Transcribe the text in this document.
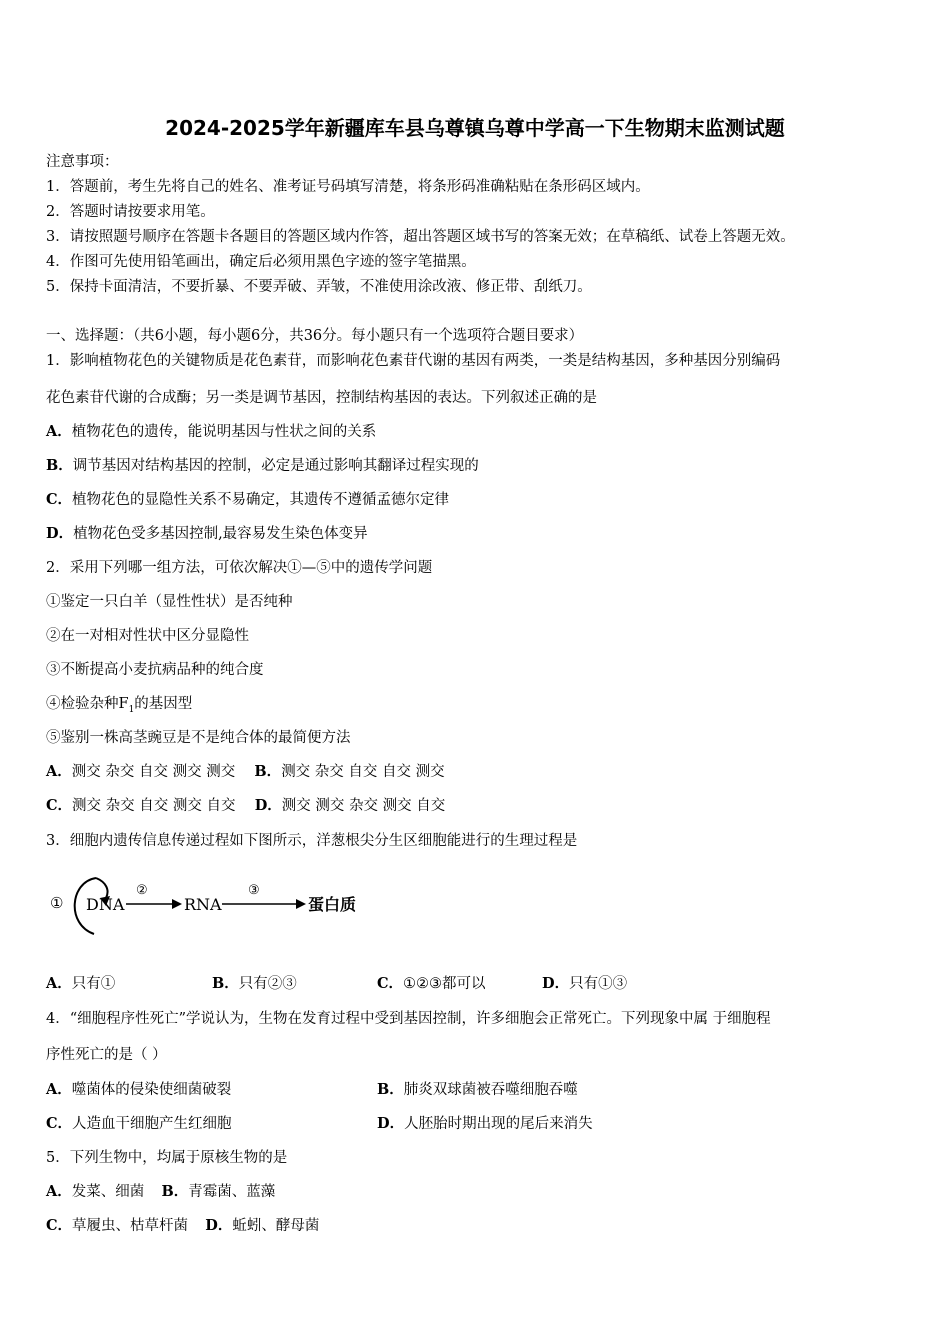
2024-2025学年新疆库车县乌尊镇乌尊中学高一下生物期末监测试题
注意事项：
1．答题前，考生先将自己的姓名、准考证号码填写清楚，将条形码准确粘贴在条形码区域内。
2．答题时请按要求用笔。
3．请按照题号顺序在答题卡各题目的答题区域内作答，超出答题区域书写的答案无效；在草稿纸、试卷上答题无效。
4．作图可先使用铅笔画出，确定后必须用黑色字迹的签字笔描黑。
5．保持卡面清洁，不要折暴、不要弄破、弄皱，不准使用涂改液、修正带、刮纸刀。
一、选择题：（共6小题，每小题6分，共36分。每小题只有一个选项符合题目要求）
1．影响植物花色的关键物质是花色素苷，而影响花色素苷代谢的基因有两类，一类是结构基因，多种基因分别编码
花色素苷代谢的合成酶；另一类是调节基因，控制结构基因的表达。下列叙述正确的是
A．植物花色的遗传，能说明基因与性状之间的关系
B．调节基因对结构基因的控制，必定是通过影响其翻译过程实现的
C．植物花色的显隐性关系不易确定，其遗传不遵循孟德尔定律
D．植物花色受多基因控制,最容易发生染色体变异
2．采用下列哪一组方法，可依次解决①—⑤中的遗传学问题
①鉴定一只白羊（显性性状）是否纯种
②在一对相对性状中区分显隐性
③不断提高小麦抗病品种的纯合度
④检验杂种$F_1$的基因型
⑤鉴别一株高茎豌豆是不是纯合体的最简便方法
A．测交 杂交 自交 测交 测交 B．测交 杂交 自交 自交 测交
C．测交 杂交 自交 测交 自交 D．测交 测交 杂交 测交 自交
3．细胞内遗传信息传递过程如下图所示，洋葱根尖分生区细胞能进行的生理过程是
① DNA
②
RNA
③
蛋白质
A．只有①	B．只有②③	C．①②③都可以	D．只有①③
4．“细胞程序性死亡”学说认为，生物在发育过程中受到基因控制，许多细胞会正常死亡。下列现象中属 于细胞程
序性死亡的是（ ）
A．噬菌体的侵染使细菌破裂	B．肺炎双球菌被吞噬细胞吞噬
C．人造血干细胞产生红细胞	D．人胚胎时期出现的尾后来消失
5．下列生物中，均属于原核生物的是
A．发菜、细菌 B．青霉菌、蓝藻
C．草履虫、枯草杆菌 D．蚯蚓、酵母菌
